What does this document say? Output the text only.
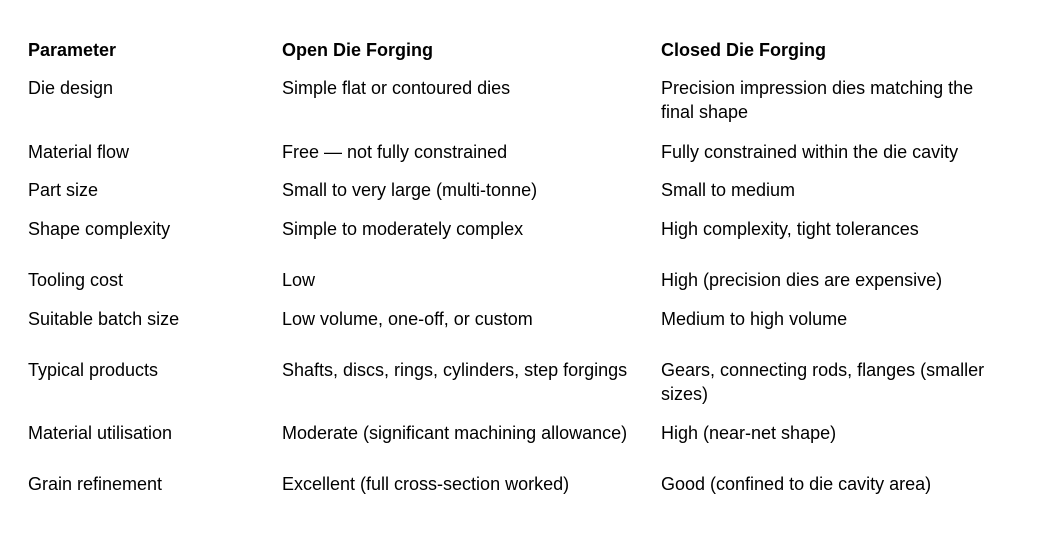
Parameter	Open Die Forging	Closed Die Forging
Die design	Simple flat or contoured dies	Precision impression dies matching the final shape
Material flow	Free — not fully constrained	Fully constrained within the die cavity
Part size	Small to very large (multi-tonne)	Small to medium
Shape complexity	Simple to moderately complex	High complexity, tight tolerances
Tooling cost	Low	High (precision dies are expensive)
Suitable batch size	Low volume, one-off, or custom	Medium to high volume
Typical products	Shafts, discs, rings, cylinders, step forgings	Gears, connecting rods, flanges (smaller sizes)
Material utilisation	Moderate (significant machining allowance)	High (near-net shape)
Grain refinement	Excellent (full cross-section worked)	Good (confined to die cavity area)
